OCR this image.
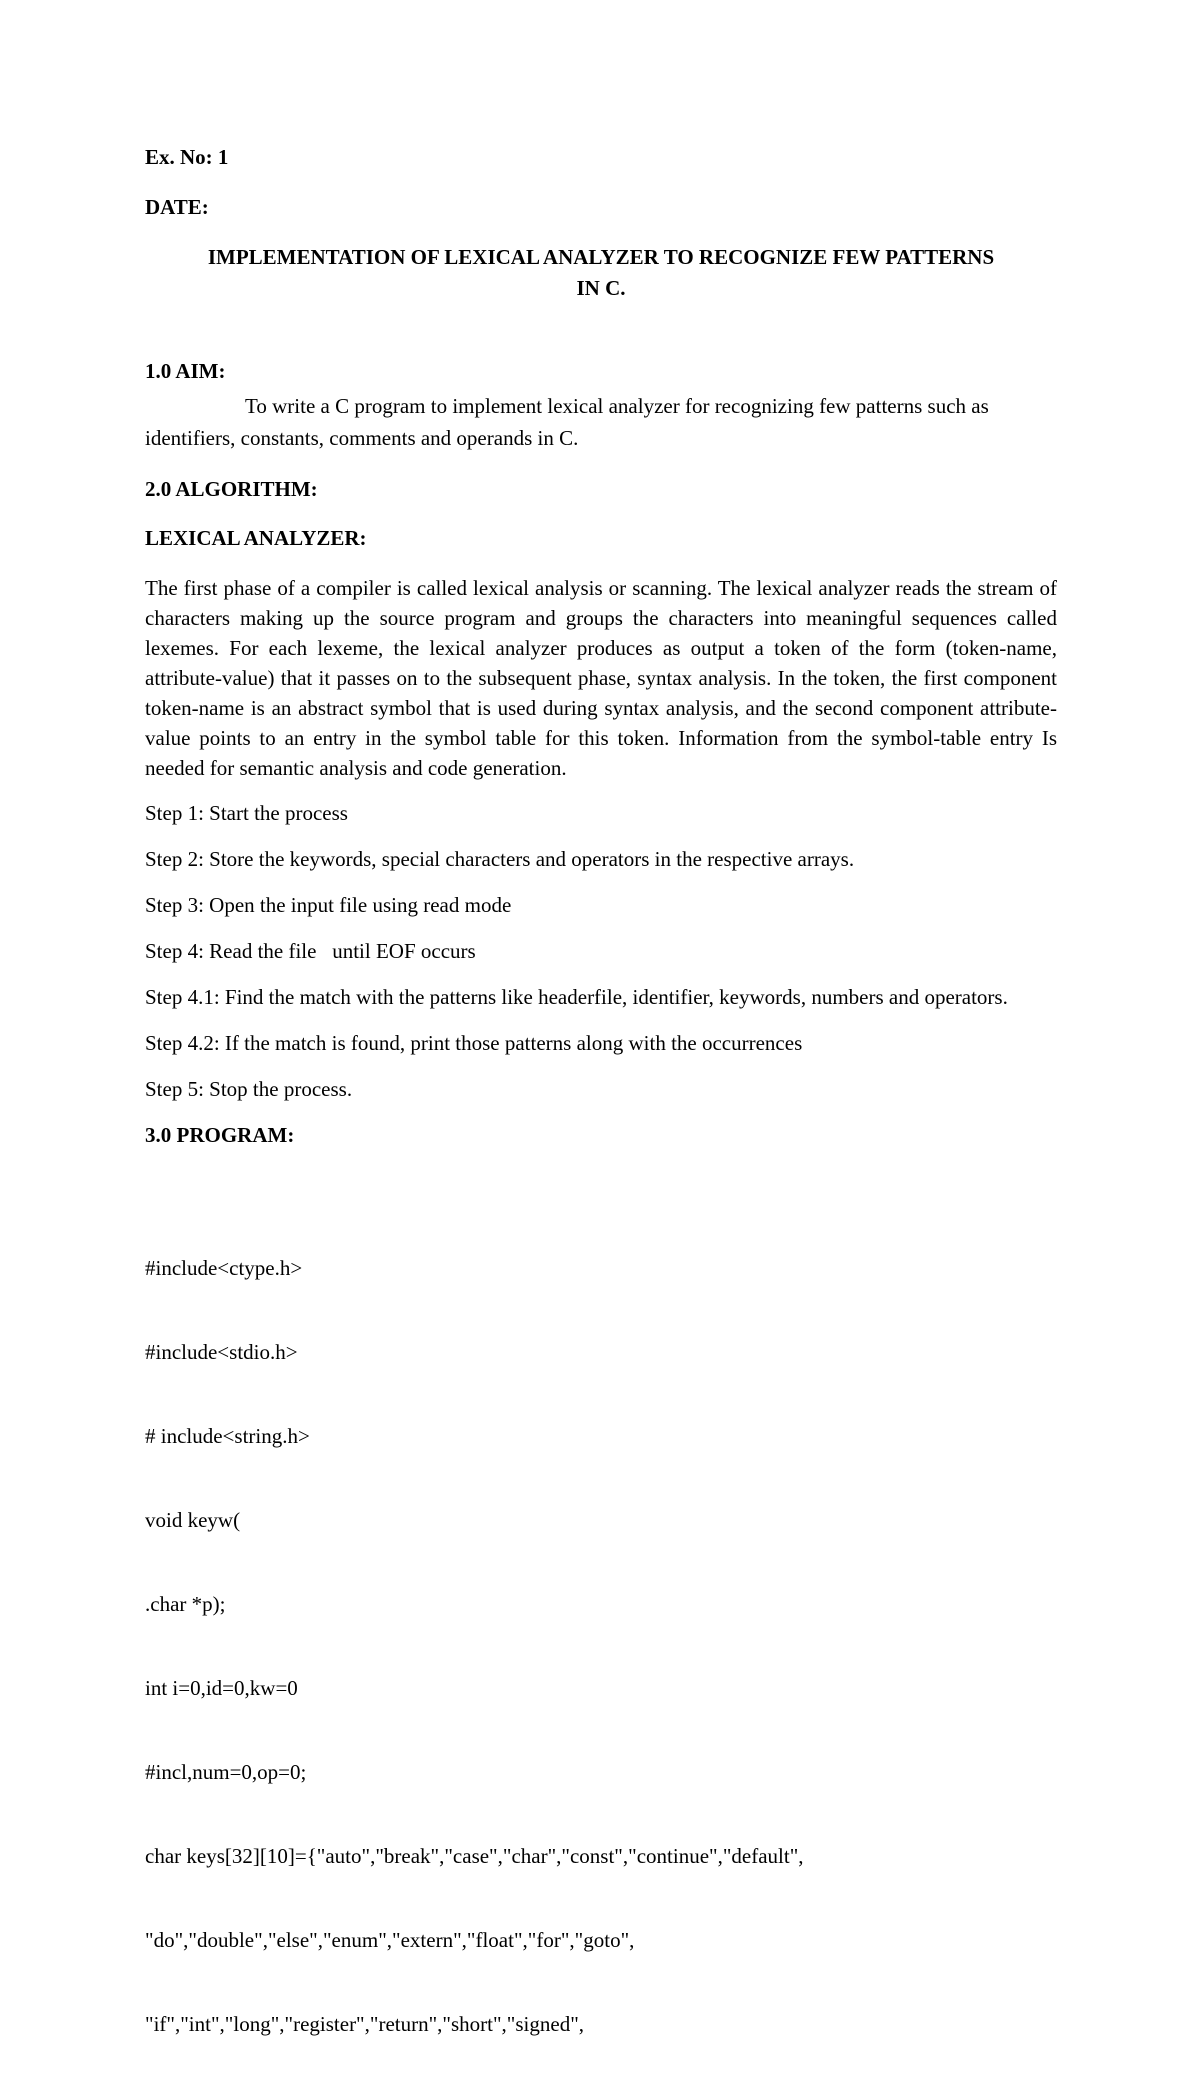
Ex. No: 1

DATE:

IMPLEMENTATION OF LEXICAL ANALYZER TO RECOGNIZE FEW PATTERNS
IN C.

1.0 AIM:

To write a C program to implement lexical analyzer for recognizing few patterns such as identifiers, constants, comments and operands in C.

2.0 ALGORITHM:

LEXICAL ANALYZER:

The first phase of a compiler is called lexical analysis or scanning. The lexical analyzer reads the stream of characters making up the source program and groups the characters into meaningful sequences called lexemes. For each lexeme, the lexical analyzer produces as output a token of the form (token-name, attribute-value) that it passes on to the subsequent phase, syntax analysis. In the token, the first component token-name is an abstract symbol that is used during syntax analysis, and the second component attribute-value points to an entry in the symbol table for this token. Information from the symbol-table entry Is needed for semantic analysis and code generation.

Step 1: Start the process

Step 2: Store the keywords, special characters and operators in the respective arrays.

Step 3: Open the input file using read mode

Step 4: Read the file   until EOF occurs

Step 4.1: Find the match with the patterns like headerfile, identifier, keywords, numbers and operators.

Step 4.2: If the match is found, print those patterns along with the occurrences

Step 5: Stop the process.

3.0 PROGRAM:

#include<ctype.h>

#include<stdio.h>

# include<string.h>

void keyw(

.char *p);

int i=0,id=0,kw=0

#incl,num=0,op=0;

char keys[32][10]={"auto","break","case","char","const","continue","default",

"do","double","else","enum","extern","float","for","goto",

"if","int","long","register","return","short","signed",
